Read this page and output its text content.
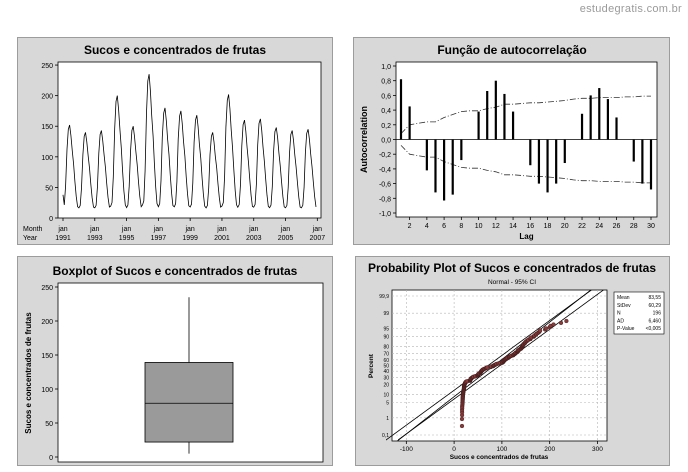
estudegratis.com.br
Sucos e concentrados de frutas
0
50
100
150
200
250
Month
Year
jan
1991
jan
1993
jan
1995
jan
1997
jan
1999
jan
2001
jan
2003
jan
2005
jan
2007
Função de autocorrelação
1,0
0,8
0,6
0,4
0,2
0,0
-0,2
-0,4
-0,6
-0,8
-1,0
2 4 6 8 10 12 14 16 18 20 22 24 26 28 30
Lag
Autocorrelation
Boxplot of Sucos e concentrados de frutas
0
50
100
150
200
250
Sucos e concentrados de frutas
Probability Plot of Sucos e concentrados de frutas
Normal - 95% CI
0,1
1
5
10
20
30
40
50
60
70
80
90
95
99
99,9
-100	0	100	200	300
Sucos e concentrados de frutas
Percent
Mean	83,55
StDev	60,29
N	196
AD	6,460
P-Value <0,005
